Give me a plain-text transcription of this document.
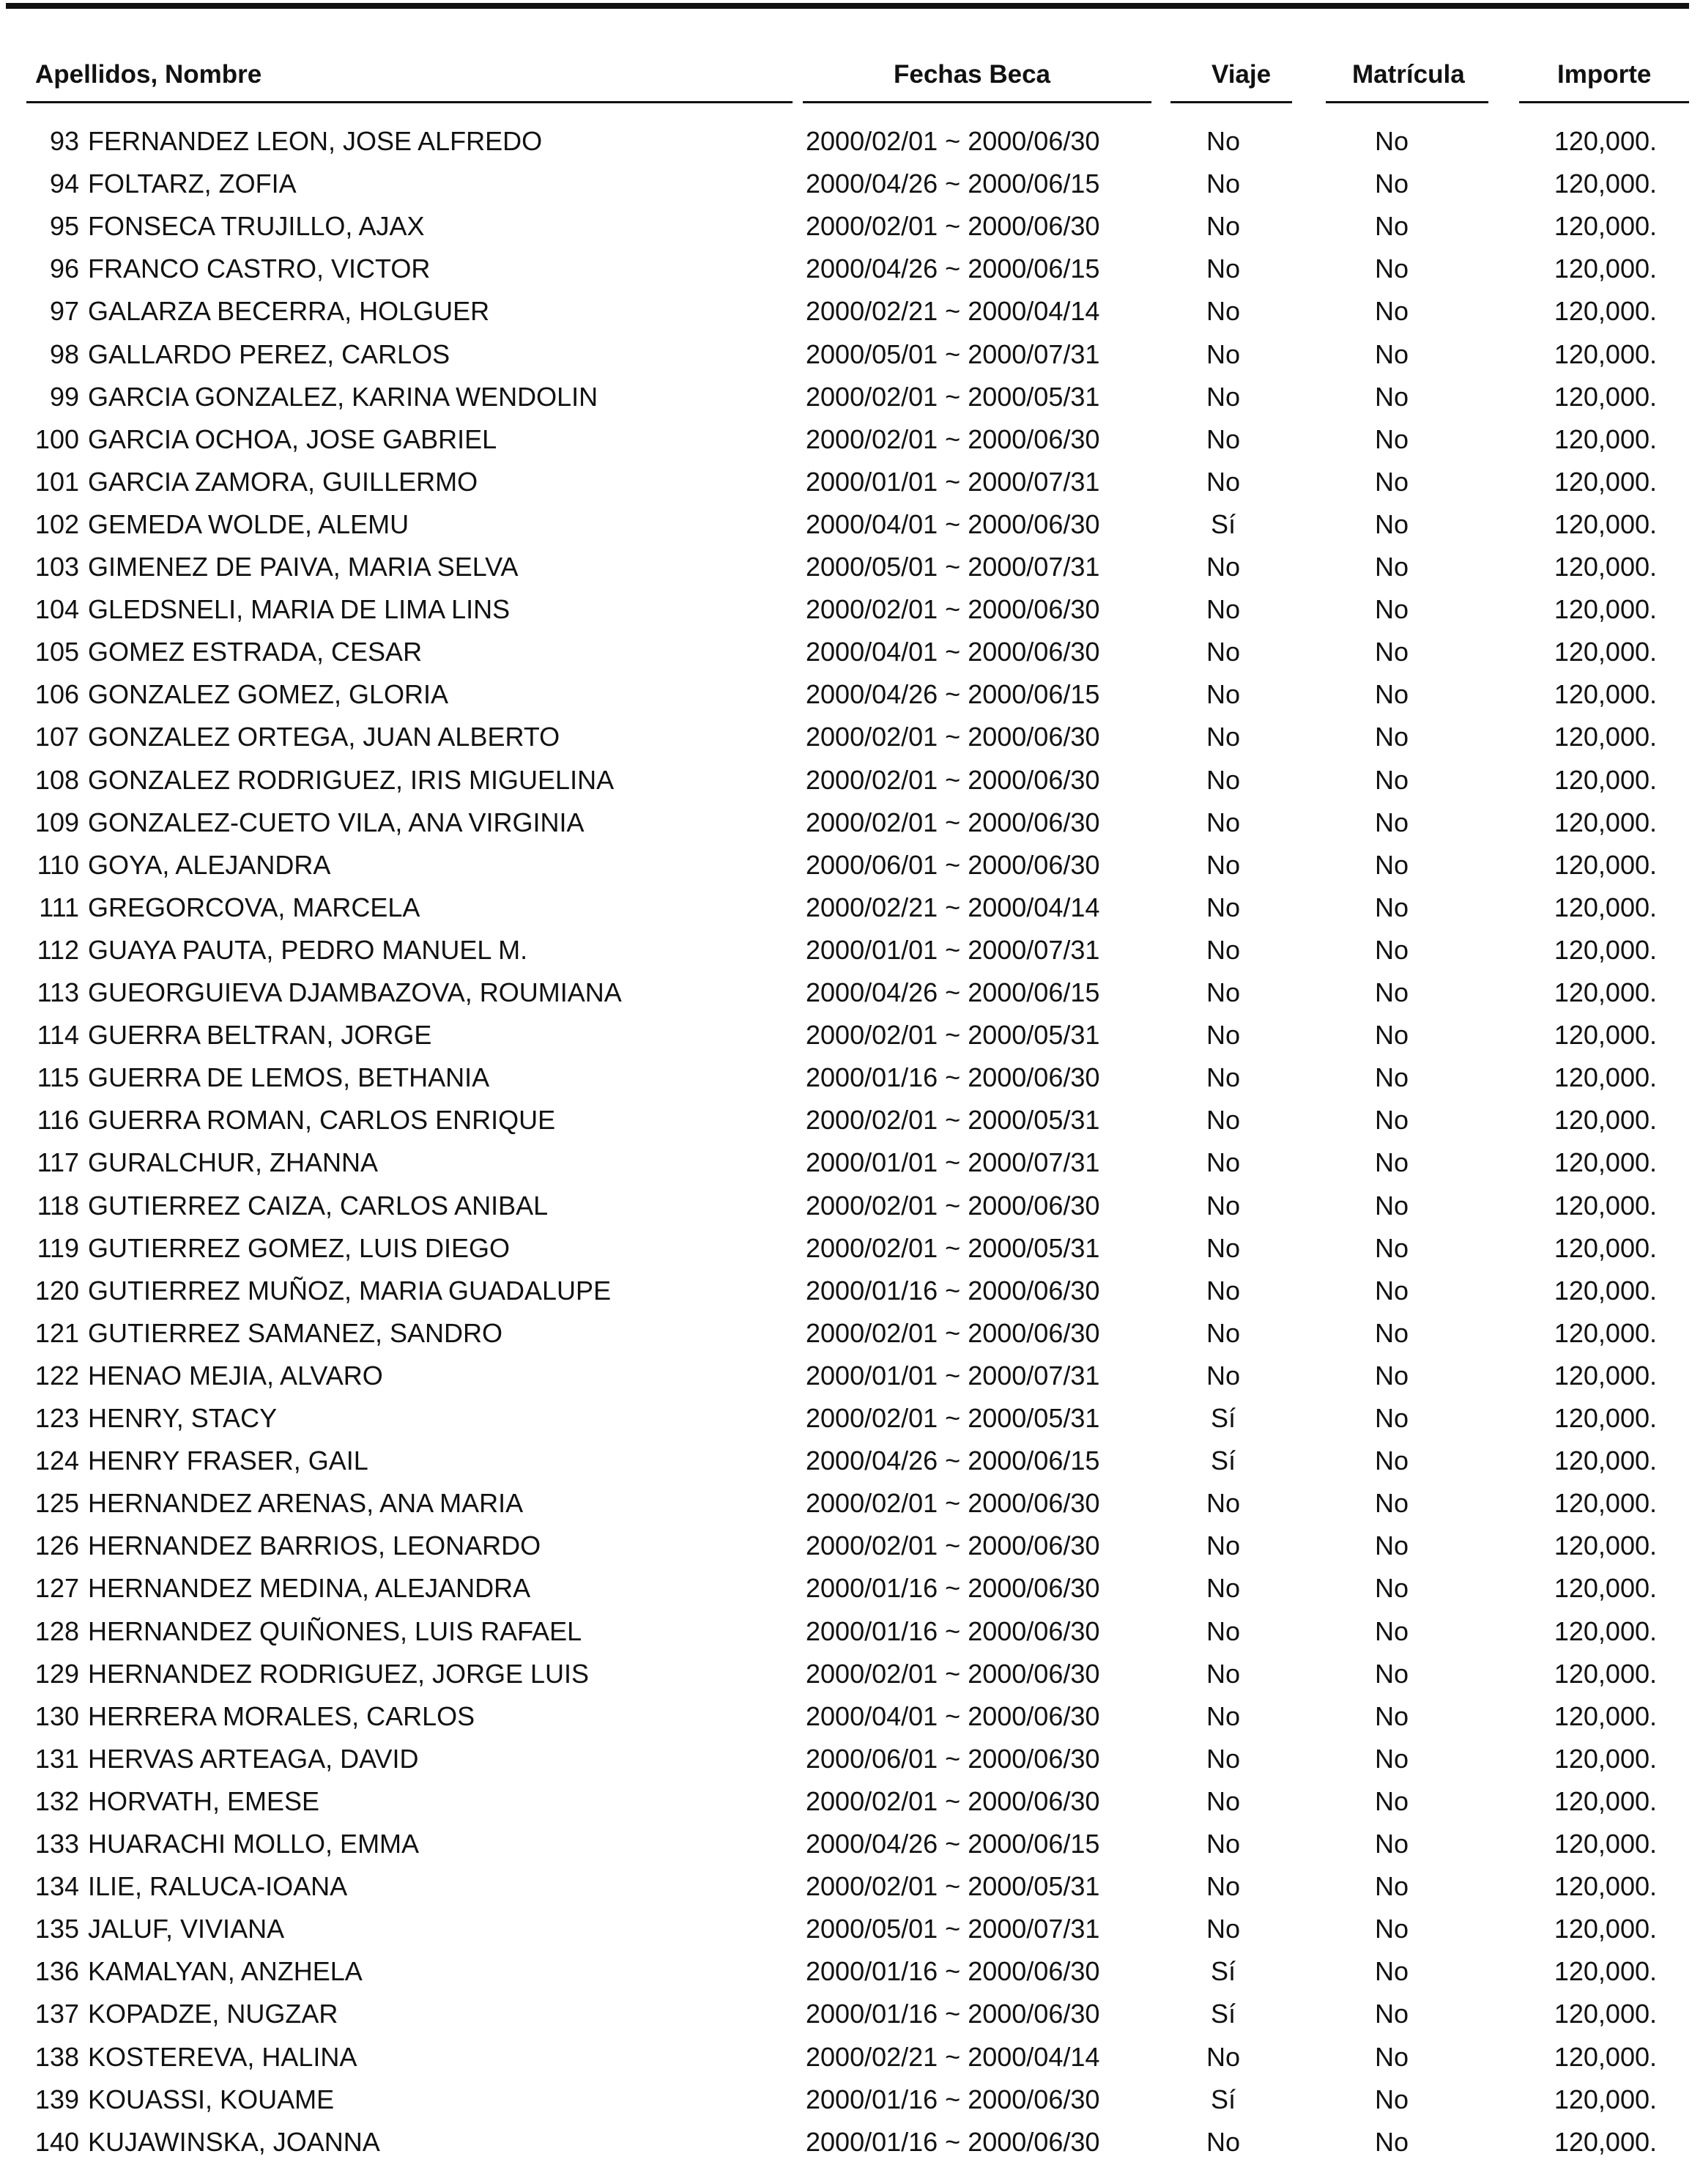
Apellidos, Nombre	Fechas Beca	Viaje	Matrícula	Importe
93 FERNANDEZ LEON, JOSE ALFREDO	2000/02/01 ~ 2000/06/30	No	No	120,000.
94 FOLTARZ, ZOFIA	2000/04/26 ~ 2000/06/15	No	No	120,000.
95 FONSECA TRUJILLO, AJAX	2000/02/01 ~ 2000/06/30	No	No	120,000.
96 FRANCO CASTRO, VICTOR	2000/04/26 ~ 2000/06/15	No	No	120,000.
97 GALARZA BECERRA, HOLGUER	2000/02/21 ~ 2000/04/14	No	No	120,000.
98 GALLARDO PEREZ, CARLOS	2000/05/01 ~ 2000/07/31	No	No	120,000.
99 GARCIA GONZALEZ, KARINA WENDOLIN	2000/02/01 ~ 2000/05/31	No	No	120,000.
100 GARCIA OCHOA, JOSE GABRIEL	2000/02/01 ~ 2000/06/30	No	No	120,000.
101 GARCIA ZAMORA, GUILLERMO	2000/01/01 ~ 2000/07/31	No	No	120,000.
102 GEMEDA WOLDE, ALEMU	2000/04/01 ~ 2000/06/30	Sí	No	120,000.
103 GIMENEZ DE PAIVA, MARIA SELVA	2000/05/01 ~ 2000/07/31	No	No	120,000.
104 GLEDSNELI, MARIA DE LIMA LINS	2000/02/01 ~ 2000/06/30	No	No	120,000.
105 GOMEZ ESTRADA, CESAR	2000/04/01 ~ 2000/06/30	No	No	120,000.
106 GONZALEZ GOMEZ, GLORIA	2000/04/26 ~ 2000/06/15	No	No	120,000.
107 GONZALEZ ORTEGA, JUAN ALBERTO	2000/02/01 ~ 2000/06/30	No	No	120,000.
108 GONZALEZ RODRIGUEZ, IRIS MIGUELINA	2000/02/01 ~ 2000/06/30	No	No	120,000.
109 GONZALEZ-CUETO VILA, ANA VIRGINIA	2000/02/01 ~ 2000/06/30	No	No	120,000.
110 GOYA, ALEJANDRA	2000/06/01 ~ 2000/06/30	No	No	120,000.
111 GREGORCOVA, MARCELA	2000/02/21 ~ 2000/04/14	No	No	120,000.
112 GUAYA PAUTA, PEDRO MANUEL M.	2000/01/01 ~ 2000/07/31	No	No	120,000.
113 GUEORGUIEVA DJAMBAZOVA, ROUMIANA	2000/04/26 ~ 2000/06/15	No	No	120,000.
114 GUERRA BELTRAN, JORGE	2000/02/01 ~ 2000/05/31	No	No	120,000.
115 GUERRA DE LEMOS, BETHANIA	2000/01/16 ~ 2000/06/30	No	No	120,000.
116 GUERRA ROMAN, CARLOS ENRIQUE	2000/02/01 ~ 2000/05/31	No	No	120,000.
117 GURALCHUR, ZHANNA	2000/01/01 ~ 2000/07/31	No	No	120,000.
118 GUTIERREZ CAIZA, CARLOS ANIBAL	2000/02/01 ~ 2000/06/30	No	No	120,000.
119 GUTIERREZ GOMEZ, LUIS DIEGO	2000/02/01 ~ 2000/05/31	No	No	120,000.
120 GUTIERREZ MUÑOZ, MARIA GUADALUPE	2000/01/16 ~ 2000/06/30	No	No	120,000.
121 GUTIERREZ SAMANEZ, SANDRO	2000/02/01 ~ 2000/06/30	No	No	120,000.
122 HENAO MEJIA, ALVARO	2000/01/01 ~ 2000/07/31	No	No	120,000.
123 HENRY, STACY	2000/02/01 ~ 2000/05/31	Sí	No	120,000.
124 HENRY FRASER, GAIL	2000/04/26 ~ 2000/06/15	Sí	No	120,000.
125 HERNANDEZ ARENAS, ANA MARIA	2000/02/01 ~ 2000/06/30	No	No	120,000.
126 HERNANDEZ BARRIOS, LEONARDO	2000/02/01 ~ 2000/06/30	No	No	120,000.
127 HERNANDEZ MEDINA, ALEJANDRA	2000/01/16 ~ 2000/06/30	No	No	120,000.
128 HERNANDEZ QUIÑONES, LUIS RAFAEL	2000/01/16 ~ 2000/06/30	No	No	120,000.
129 HERNANDEZ RODRIGUEZ, JORGE LUIS	2000/02/01 ~ 2000/06/30	No	No	120,000.
130 HERRERA MORALES, CARLOS	2000/04/01 ~ 2000/06/30	No	No	120,000.
131 HERVAS ARTEAGA, DAVID	2000/06/01 ~ 2000/06/30	No	No	120,000.
132 HORVATH, EMESE	2000/02/01 ~ 2000/06/30	No	No	120,000.
133 HUARACHI MOLLO, EMMA	2000/04/26 ~ 2000/06/15	No	No	120,000.
134 ILIE, RALUCA-IOANA	2000/02/01 ~ 2000/05/31	No	No	120,000.
135 JALUF, VIVIANA	2000/05/01 ~ 2000/07/31	No	No	120,000.
136 KAMALYAN, ANZHELA	2000/01/16 ~ 2000/06/30	Sí	No	120,000.
137 KOPADZE, NUGZAR	2000/01/16 ~ 2000/06/30	Sí	No	120,000.
138 KOSTEREVA, HALINA	2000/02/21 ~ 2000/04/14	No	No	120,000.
139 KOUASSI, KOUAME	2000/01/16 ~ 2000/06/30	Sí	No	120,000.
140 KUJAWINSKA, JOANNA	2000/01/16 ~ 2000/06/30	No	No	120,000.
